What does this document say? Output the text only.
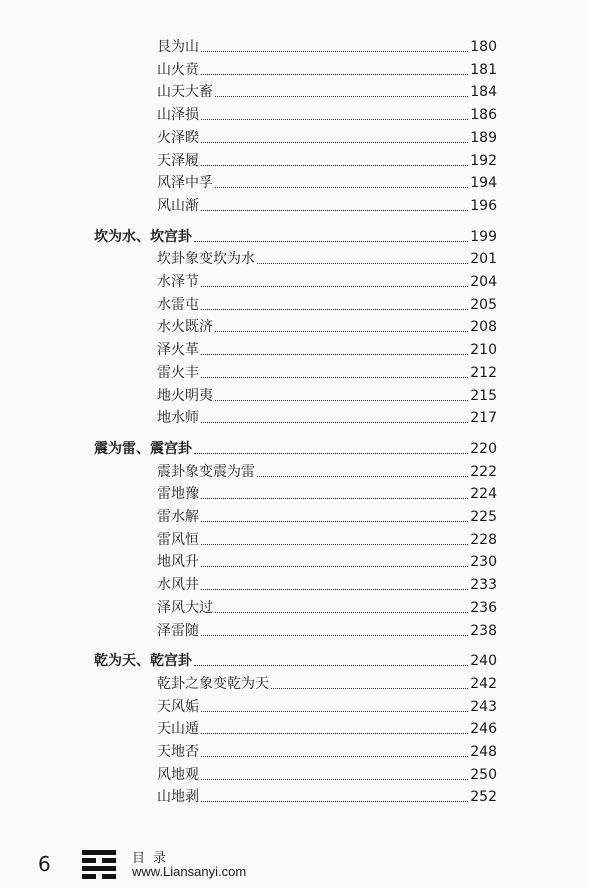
艮为山	180
山火贲	181
山天大畜	184
山泽损	186
火泽睽	189
天泽履	192
风泽中孚	194
风山渐	196
坎为水、坎宫卦	199
坎卦象变坎为水	201
水泽节	204
水雷屯	205
水火既济	208
泽火革	210
雷火丰	212
地火明夷	215
地水师	217
震为雷、震宫卦	220
震卦象变震为雷	222
雷地豫	224
雷水解	225
雷风恒	228
地风升	230
水风井	233
泽风大过	236
泽雷随	238
乾为天、乾宫卦	240
乾卦之象变乾为天	242
天风姤	243
天山遁	246
天地否	248
风地观	250
山地剥	252
6	目录
www.Liansanyi.com
